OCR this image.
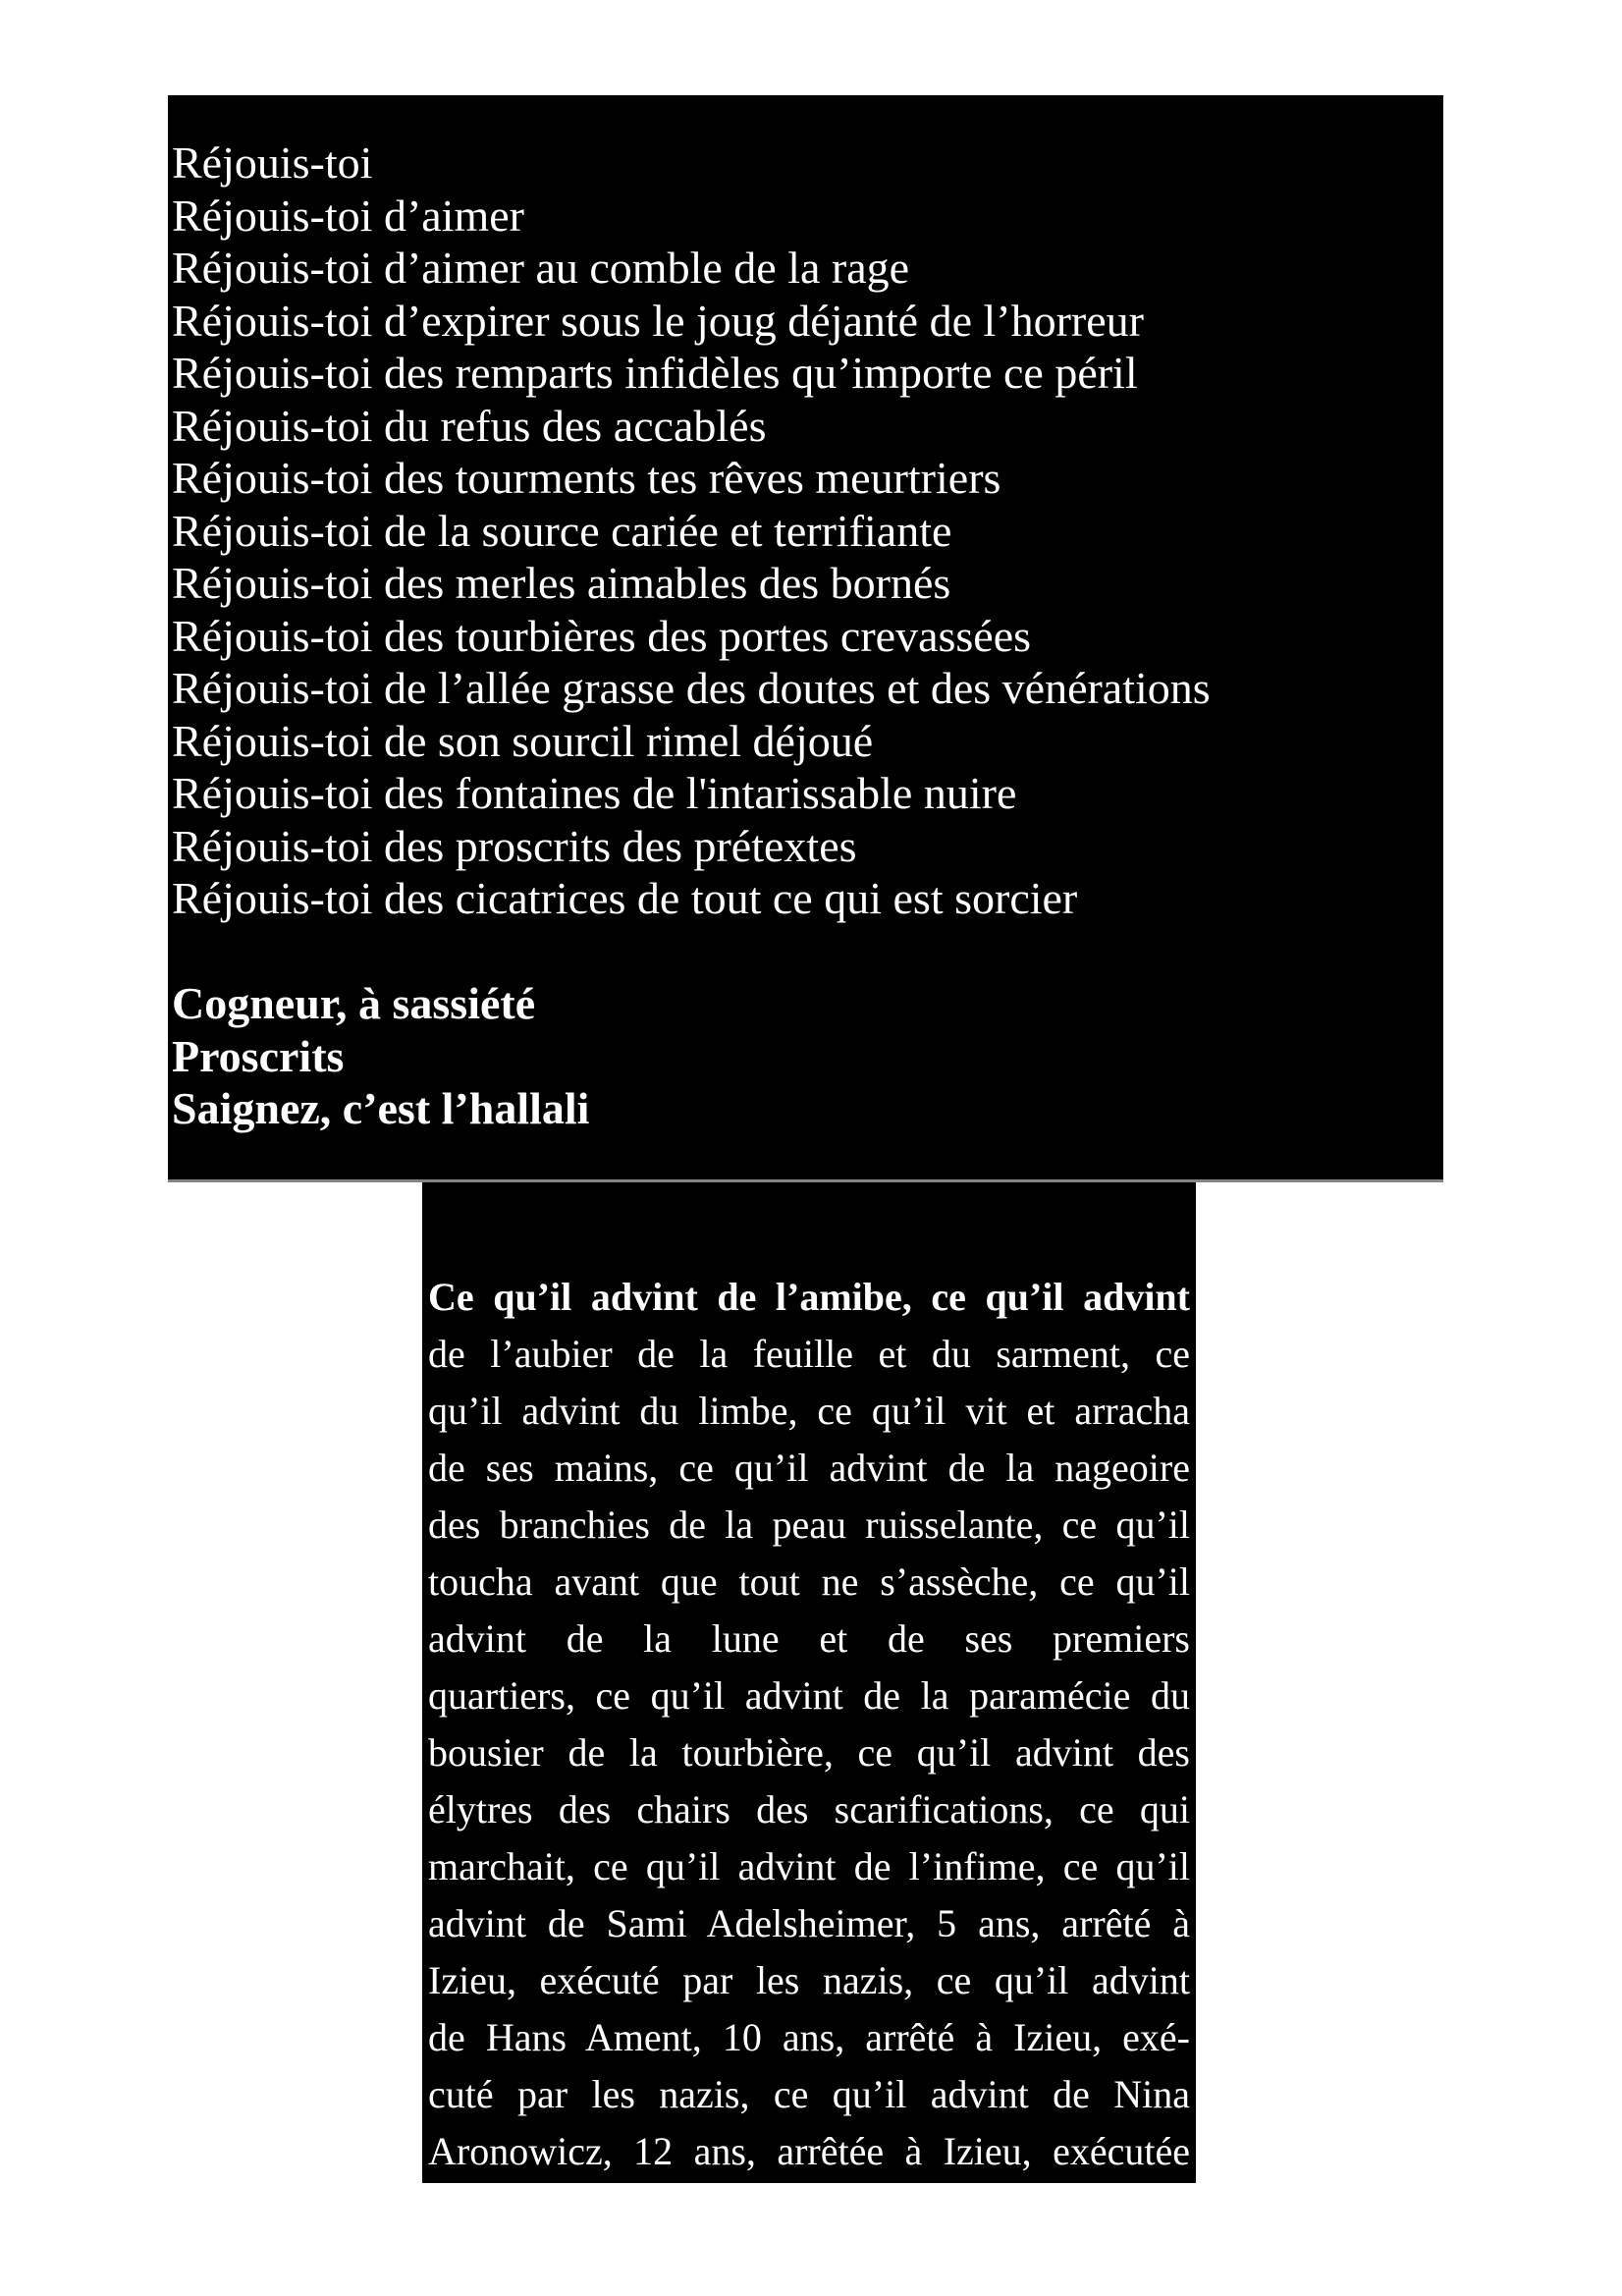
Réjouis-toi
Réjouis-toi d’aimer
Réjouis-toi d’aimer au comble de la rage
Réjouis-toi d’expirer sous le joug déjanté de l’horreur
Réjouis-toi des remparts infidèles qu’importe ce péril
Réjouis-toi du refus des accablés
Réjouis-toi des tourments tes rêves meurtriers
Réjouis-toi de la source cariée et terrifiante
Réjouis-toi des merles aimables des bornés
Réjouis-toi des tourbières des portes crevassées
Réjouis-toi de l’allée grasse des doutes et des vénérations
Réjouis-toi de son sourcil rimel déjoué
Réjouis-toi des fontaines de l'intarissable nuire
Réjouis-toi des proscrits des prétextes
Réjouis-toi des cicatrices de tout ce qui est sorcier
Cogneur, à sassiété
Proscrits
Saignez, c’est l’hallali
Ce qu’il advint de l’amibe, ce qu’il advint
de l’aubier de la feuille et du sarment, ce
qu’il advint du limbe, ce qu’il vit et arracha
de ses mains, ce qu’il advint de la nageoire
des branchies de la peau ruisselante, ce qu’il
toucha avant que tout ne s’assèche, ce qu’il
advint de la lune et de ses premiers
quartiers, ce qu’il advint de la paramécie du
bousier de la tourbière, ce qu’il advint des
élytres des chairs des scarifications, ce qui
marchait, ce qu’il advint de l’infime, ce qu’il
advint de Sami Adelsheimer, 5 ans, arrêté à
Izieu, exécuté par les nazis, ce qu’il advint
de Hans Ament, 10 ans, arrêté à Izieu, exé-
cuté par les nazis, ce qu’il advint de Nina
Aronowicz, 12 ans, arrêtée à Izieu, exécutée
